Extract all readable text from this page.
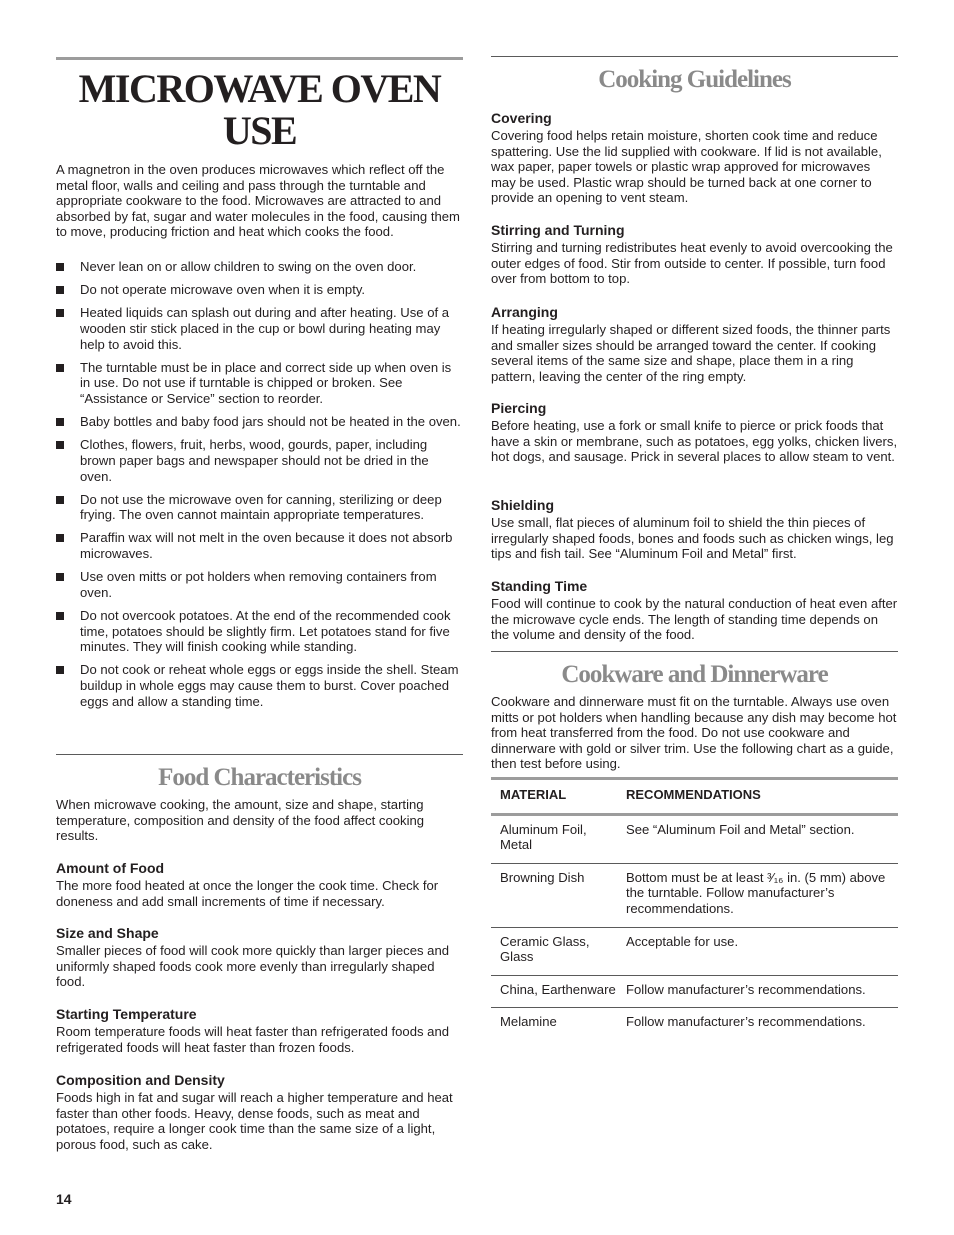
MICROWAVE OVEN
USE

A magnetron in the oven produces microwaves which reflect off the metal floor, walls and ceiling and pass through the turntable and appropriate cookware to the food. Microwaves are attracted to and absorbed by fat, sugar and water molecules in the food, causing them to move, producing friction and heat which cooks the food.

Never lean on or allow children to swing on the oven door.
Do not operate microwave oven when it is empty.
Heated liquids can splash out during and after heating. Use of a wooden stir stick placed in the cup or bowl during heating may help to avoid this.
The turntable must be in place and correct side up when oven is in use. Do not use if turntable is chipped or broken. See “Assistance or Service” section to reorder.
Baby bottles and baby food jars should not be heated in the oven.
Clothes, flowers, fruit, herbs, wood, gourds, paper, including brown paper bags and newspaper should not be dried in the oven.
Do not use the microwave oven for canning, sterilizing or deep frying. The oven cannot maintain appropriate temperatures.
Paraffin wax will not melt in the oven because it does not absorb microwaves.
Use oven mitts or pot holders when removing containers from oven.
Do not overcook potatoes. At the end of the recommended cook time, potatoes should be slightly firm. Let potatoes stand for five minutes. They will finish cooking while standing.
Do not cook or reheat whole eggs or eggs inside the shell. Steam buildup in whole eggs may cause them to burst. Cover poached eggs and allow a standing time.
Food Characteristics

When microwave cooking, the amount, size and shape, starting temperature, composition and density of the food affect cooking results.

Amount of Food

The more food heated at once the longer the cook time. Check for doneness and add small increments of time if necessary.

Size and Shape

Smaller pieces of food will cook more quickly than larger pieces and uniformly shaped foods cook more evenly than irregularly shaped food.

Starting Temperature

Room temperature foods will heat faster than refrigerated foods and refrigerated foods will heat faster than frozen foods.

Composition and Density

Foods high in fat and sugar will reach a higher temperature and heat faster than other foods. Heavy, dense foods, such as meat and potatoes, require a longer cook time than the same size of a light, porous food, such as cake.

Cooking Guidelines

Covering

Covering food helps retain moisture, shorten cook time and reduce spattering. Use the lid supplied with cookware. If lid is not available, wax paper, paper towels or plastic wrap approved for microwaves may be used. Plastic wrap should be turned back at one corner to provide an opening to vent steam.

Stirring and Turning

Stirring and turning redistributes heat evenly to avoid overcooking the outer edges of food. Stir from outside to center. If possible, turn food over from bottom to top.

Arranging

If heating irregularly shaped or different sized foods, the thinner parts and smaller sizes should be arranged toward the center. If cooking several items of the same size and shape, place them in a ring pattern, leaving the center of the ring empty.

Piercing

Before heating, use a fork or small knife to pierce or prick foods that have a skin or membrane, such as potatoes, egg yolks, chicken livers, hot dogs, and sausage. Prick in several places to allow steam to vent.

Shielding

Use small, flat pieces of aluminum foil to shield the thin pieces of irregularly shaped foods, bones and foods such as chicken wings, leg tips and fish tail. See “Aluminum Foil and Metal” first.

Standing Time

Food will continue to cook by the natural conduction of heat even after the microwave cycle ends. The length of standing time depends on the volume and density of the food.

Cookware and Dinnerware

Cookware and dinnerware must fit on the turntable. Always use oven mitts or pot holders when handling because any dish may become hot from heat transferred from the food. Do not use cookware and dinnerware with gold or silver trim. Use the following chart as a guide, then test before using.

MATERIAL	RECOMMENDATIONS
Aluminum Foil, Metal	See “Aluminum Foil and Metal” section.
Browning Dish	Bottom must be at least ³⁄₁₆ in. (5 mm) above the turntable. Follow manufacturer’s recommendations.
Ceramic Glass, Glass	Acceptable for use.
China, Earthenware	Follow manufacturer’s recommendations.
Melamine	Follow manufacturer’s recommendations.
14
